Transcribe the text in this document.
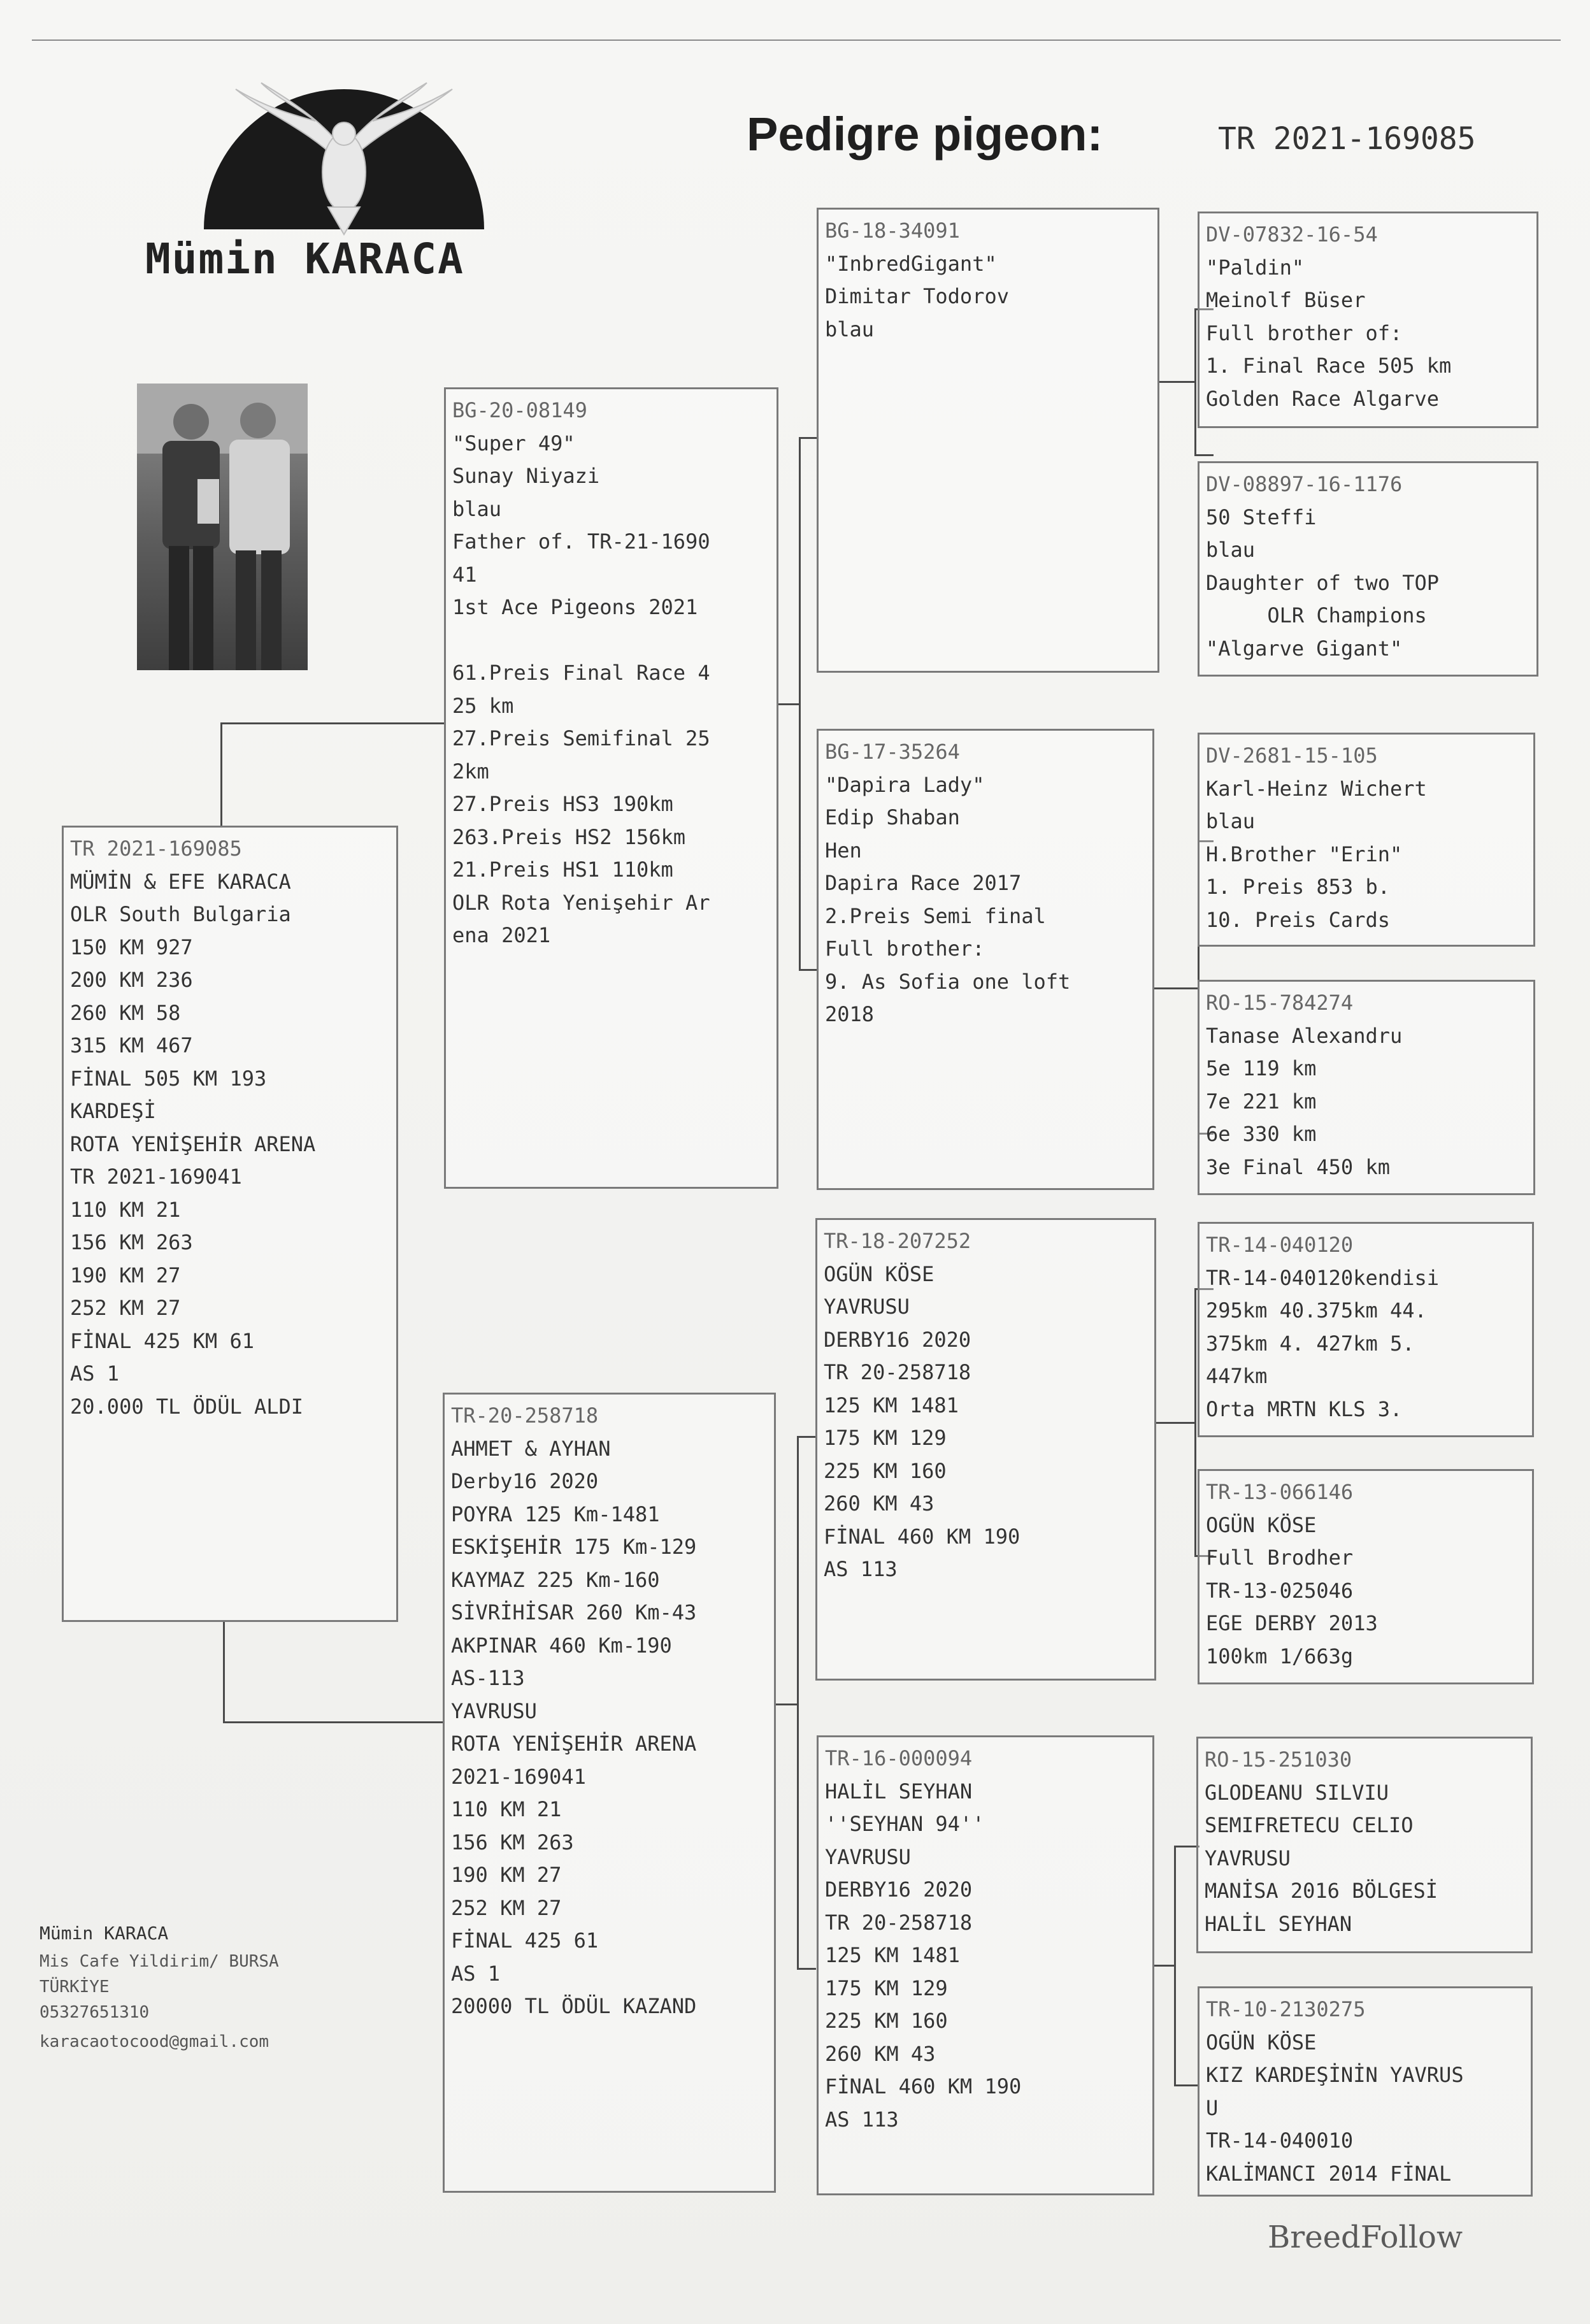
Mümin KARACA
Pedigre pigeon:	TR 2021-169085
TR 2021-169085
MÜMİN & EFE KARACA
OLR South Bulgaria
150 KM 927
200 KM 236
260 KM 58
315 KM 467
FİNAL 505 KM 193
KARDEŞİ
ROTA YENİŞEHİR ARENA
TR 2021-169041
110 KM 21
156 KM 263
190 KM 27
252 KM 27
FİNAL 425 KM 61
AS 1
20.000 TL ÖDÜL ALDI
BG-20-08149
"Super 49"
Sunay Niyazi
blau
Father of. TR-21-1690
41
1st Ace Pigeons 2021
61.Preis Final Race 4
25 km
27.Preis Semifinal 25
2km
27.Preis HS3 190km
263.Preis HS2 156km
21.Preis HS1 110km
OLR Rota Yenişehir Ar
ena 2021
TR-20-258718
AHMET & AYHAN
Derby16 2020
POYRA 125 Km-1481
ESKİŞEHİR 175 Km-129
KAYMAZ 225 Km-160
SİVRİHİSAR 260 Km-43
AKPINAR 460 Km-190
AS-113
YAVRUSU
ROTA YENİŞEHİR ARENA
2021-169041
110 KM 21
156 KM 263
190 KM 27
252 KM 27
FİNAL 425 61
AS 1
20000 TL ÖDÜL KAZAND
BG-18-34091
"InbredGigant"
Dimitar Todorov
blau
BG-17-35264
"Dapira Lady"
Edip Shaban
Hen
Dapira Race 2017
2.Preis Semi final
Full brother:
9. As Sofia one loft
2018
TR-18-207252
OGÜN KÖSE
YAVRUSU
DERBY16 2020
TR 20-258718
125 KM 1481
175 KM 129
225 KM 160
260 KM 43
FİNAL 460 KM 190
AS 113
TR-16-000094
HALİL SEYHAN
''SEYHAN 94''
YAVRUSU
DERBY16 2020
TR 20-258718
125 KM 1481
175 KM 129
225 KM 160
260 KM 43
FİNAL 460 KM 190
AS 113
DV-07832-16-54
"Paldin"
Meinolf Büser
Full brother of:
1. Final Race 505 km
Golden Race Algarve
DV-08897-16-1176
50 Steffi
blau
Daughter of two TOP
OLR Champions
"Algarve Gigant"
DV-2681-15-105
Karl-Heinz Wichert
blau
H.Brother "Erin"
1. Preis 853 b.
10. Preis Cards
RO-15-784274
Tanase Alexandru
5e 119 km
7e 221 km
6e 330 km
3e Final 450 km
TR-14-040120
TR-14-040120kendisi
295km 40.375km 44.
375km 4. 427km 5.
447km
Orta MRTN KLS 3.
TR-13-066146
OGÜN KÖSE
Full Brodher
TR-13-025046
EGE DERBY 2013
100km 1/663g
RO-15-251030
GLODEANU SILVIU
SEMIFRETECU CELIO
YAVRUSU
MANİSA 2016 BÖLGESİ
HALİL SEYHAN
TR-10-2130275
OGÜN KÖSE
KIZ KARDEŞİNİN YAVRUS
U
TR-14-040010
KALİMANCI 2014 FİNAL
Mümin KARACA
Mis Cafe Yildirim/ BURSA
TÜRKİYE
05327651310
karacaotocood@gmail.com
BreedFollow
